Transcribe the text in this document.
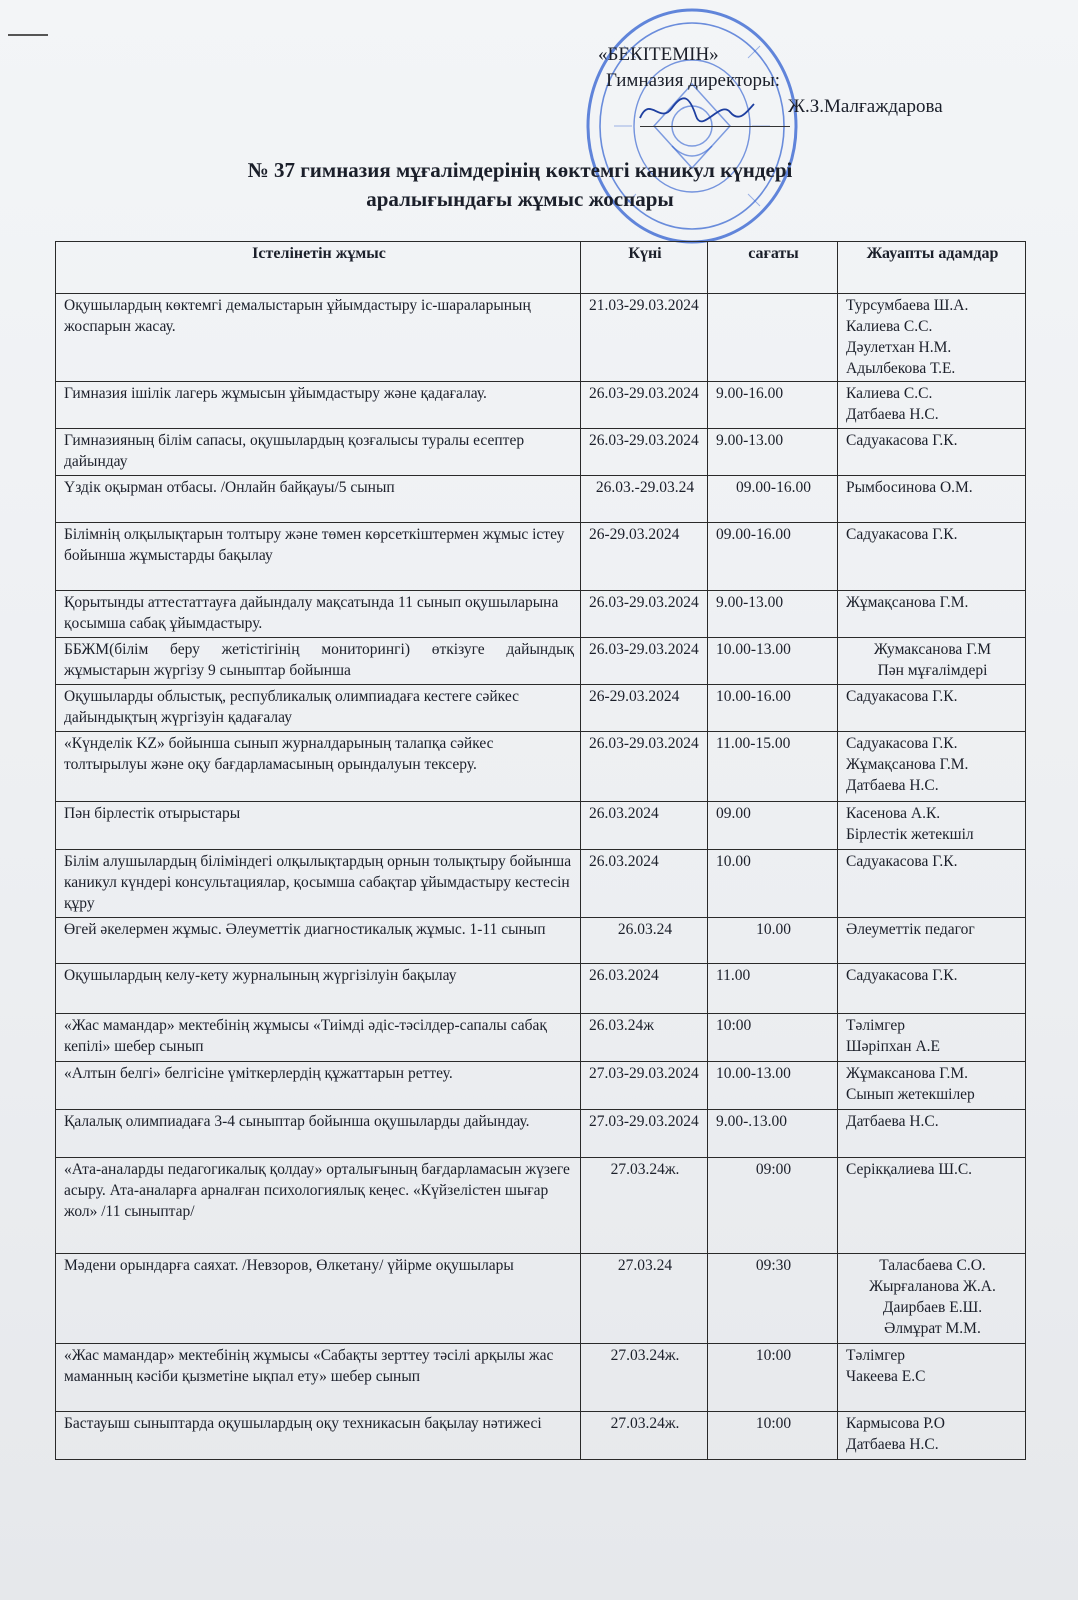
«БЕКІТЕМІН»
Гимназия директоры:
Ж.З.Малғаждарова
№ 37 гимназия мұғалімдерінің көктемгі каникул күндері
аралығындағы жұмыс жоспары
Істелінетін жұмыс	Күні	сағаты	Жауапты адамдар
Оқушылардың көктемгі демалыстарын ұйымдастыру іс-шараларының жоспарын жасау.	21.03-29.03.2024		Турсумбаева Ш.А.
Калиева С.С.
Дәулетхан Н.М.
Адылбекова Т.Е.

Гимназия ішілік лагерь жұмысын ұйымдастыру және қадағалау.	26.03-29.03.2024	9.00-16.00	Калиева С.С.
Датбаева Н.С.

Гимназияның білім сапасы, оқушылардың қозғалысы туралы есептер дайындау	26.03-29.03.2024	9.00-13.00	Садуакасова Г.К.

Үздік оқырман отбасы. /Онлайн байқауы/5 сынып	26.03.-29.03.24	09.00-16.00	Рымбосинова О.М.

Білімнің олқылықтарын толтыру және төмен көрсеткіштермен жұмыс істеу бойынша жұмыстарды бақылау	26-29.03.2024	09.00-16.00	Садуакасова Г.К.

Қорытынды аттестаттауға дайындалу мақсатында 11 сынып оқушыларына қосымша сабақ ұйымдастыру.	26.03-29.03.2024	9.00-13.00	Жұмақсанова Г.М.

ББЖМ(білім беру жетістігінің мониторингі) өткізуге дайындық жұмыстарын жүргізу 9 сыныптар бойынша	26.03-29.03.2024	10.00-13.00	Жумаксанова Г.М
Пән мұғалімдері

Оқушыларды облыстық, республикалық олимпиадаға кестеге сәйкес дайындықтың жүргізуін қадағалау	26-29.03.2024	10.00-16.00	Садуакасова Г.К.

«Күнделік KZ» бойынша сынып журналдарының талапқа сәйкес толтырылуы және оқу бағдарламасының орындалуын тексеру.	26.03-29.03.2024	11.00-15.00	Садуакасова Г.К.
Жұмақсанова Г.М.
Датбаева Н.С.

Пән бірлестік отырыстары	26.03.2024	09.00	Касенова А.К.
Бірлестік жетекшіл

Білім алушылардың біліміндегі олқылықтардың орнын толықтыру бойынша каникул күндері консультациялар, қосымша сабақтар ұйымдастыру кестесін құру	26.03.2024	10.00	Садуакасова Г.К.

Өгей әкелермен жұмыс. Әлеуметтік диагностикалық жұмыс. 1-11 сынып	26.03.24	10.00	Әлеуметтік педагог

Оқушылардың келу-кету журналының жүргізілуін бақылау	26.03.2024	11.00	Садуакасова Г.К.

«Жас мамандар» мектебінің жұмысы «Тиімді әдіс-тәсілдер-сапалы сабақ кепілі» шебер сынып	26.03.24ж	10:00	Тәлімгер
Шәріпхан А.Е

«Алтын белгі» белгісіне үміткерлердің құжаттарын реттеу.	27.03-29.03.2024	10.00-13.00	Жұмаксанова Г.М.
Сынып жетекшілер

Қалалық олимпиадаға 3-4 сыныптар бойынша оқушыларды дайындау.	27.03-29.03.2024	9.00-.13.00	Датбаева Н.С.

«Ата-аналарды педагогикалық қолдау» орталығының бағдарламасын жүзеге асыру. Ата-аналарға арналған психологиялық кеңес. «Күйзелістен шығар жол» /11 сыныптар/	27.03.24ж.	09:00	Серікқалиева Ш.С.

Мәдени орындарға саяхат. /Невзоров, Өлкетану/ үйірме оқушылары	27.03.24	09:30	Таласбаева С.О.
Жырғаланова Ж.А.
Даирбаев Е.Ш.
Әлмұрат М.М.

«Жас мамандар» мектебінің жұмысы «Сабақты зерттеу тәсілі арқылы жас маманның кәсіби қызметіне ықпал ету» шебер сынып	27.03.24ж.	10:00	Тәлімгер
Чакеева Е.С

Бастауыш сыныптарда оқушылардың оқу техникасын бақылау нәтижесі	27.03.24ж.	10:00	Кармысова Р.О
Датбаева Н.С.
